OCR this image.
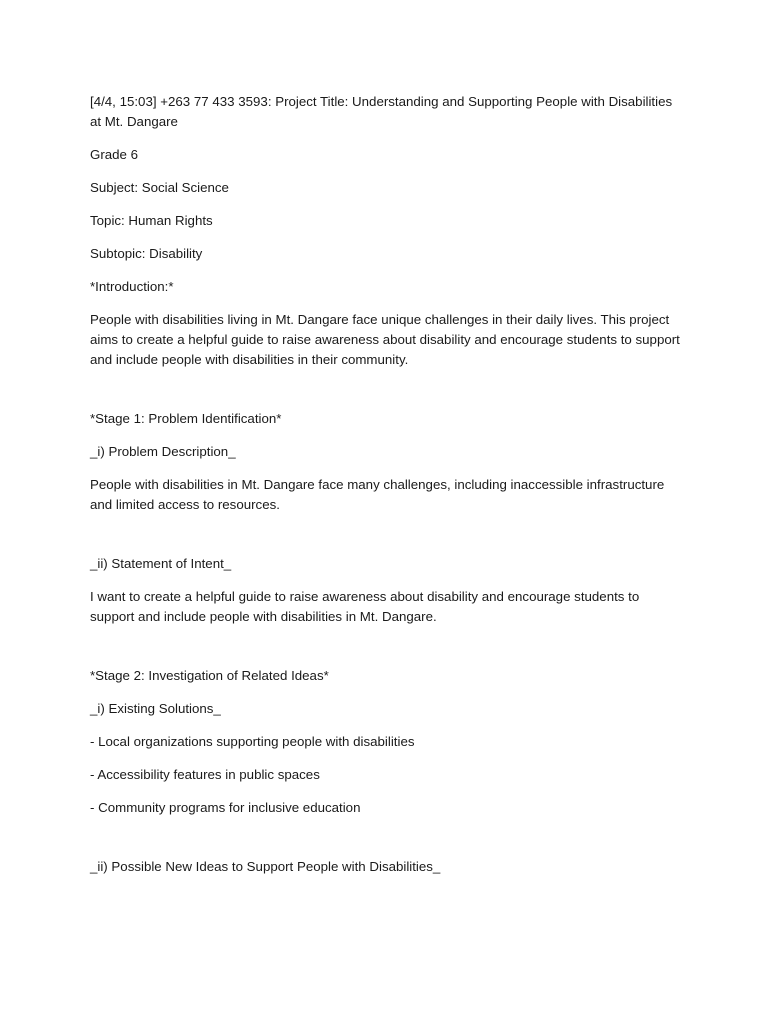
[4/4, 15:03] +263 77 433 3593: Project Title: Understanding and Supporting People with Disabilities at Mt. Dangare

Grade 6

Subject: Social Science

Topic: Human Rights

Subtopic: Disability

*Introduction:*

People with disabilities living in Mt. Dangare face unique challenges in their daily lives. This project aims to create a helpful guide to raise awareness about disability and encourage students to support and include people with disabilities in their community.

*Stage 1: Problem Identification*

_i) Problem Description_

People with disabilities in Mt. Dangare face many challenges, including inaccessible infrastructure and limited access to resources.

_ii) Statement of Intent_

I want to create a helpful guide to raise awareness about disability and encourage students to support and include people with disabilities in Mt. Dangare.

*Stage 2: Investigation of Related Ideas*

_i) Existing Solutions_

- Local organizations supporting people with disabilities

- Accessibility features in public spaces

- Community programs for inclusive education

_ii) Possible New Ideas to Support People with Disabilities_
